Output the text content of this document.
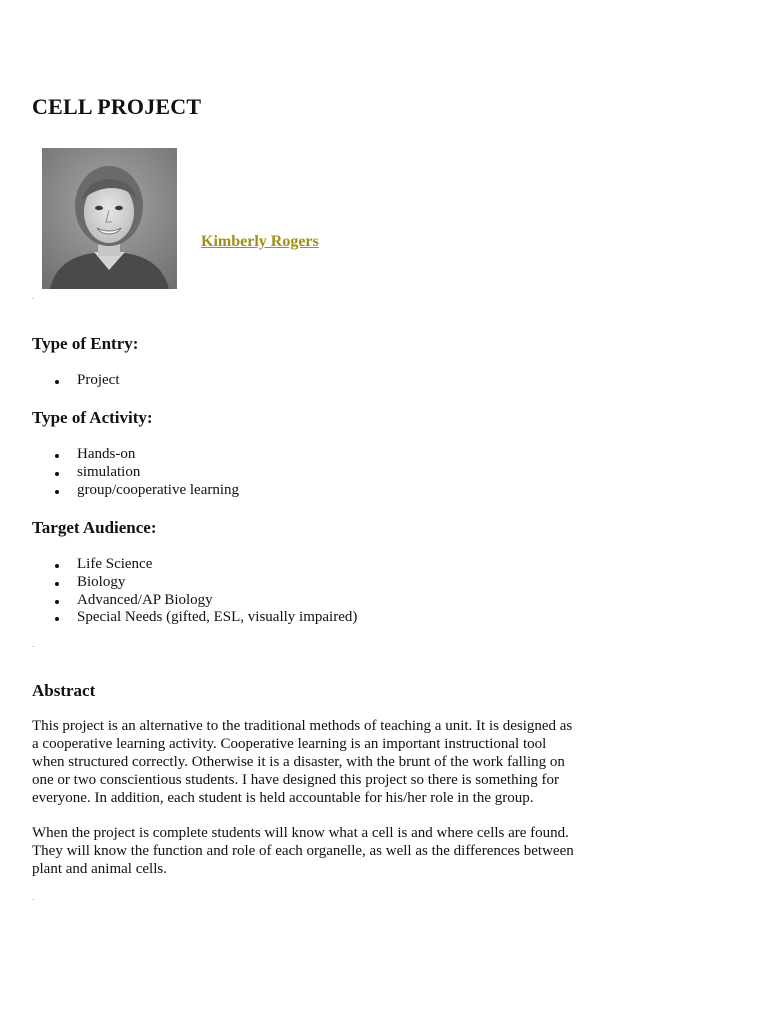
CELL PROJECT
Kimberly Rogers
Type of Entry:
Project
Type of Activity:
Hands-on
simulation
group/cooperative learning
Target Audience:
Life Science
Biology
Advanced/AP Biology
Special Needs (gifted, ESL, visually impaired)
Abstract

This project is an alternative to the traditional methods of teaching a unit. It is designed as a cooperative learning activity. Cooperative learning is an important instructional tool when structured correctly. Otherwise it is a disaster, with the brunt of the work falling on one or two conscientious students. I have designed this project so there is something for everyone. In addition, each student is held accountable for his/her role in the group.

When the project is complete students will know what a cell is and where cells are found. They will know the function and role of each organelle, as well as the differences between plant and animal cells.
